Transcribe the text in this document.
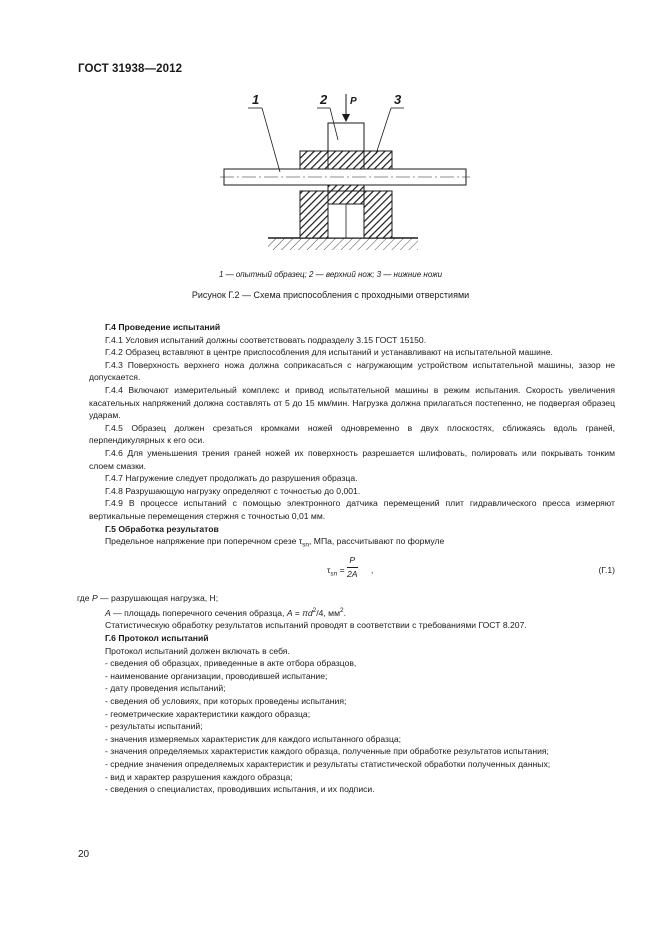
ГОСТ 31938—2012
P
1	2	3
1 — опытный образец; 2 — верхний нож; 3 — нижние ножи
Рисунок Г.2 — Схема приспособления с проходными отверстиями

Г.4 Проведение испытаний

Г.4.1 Условия испытаний должны соответствовать подразделу 3.15 ГОСТ 15150.

Г.4.2 Образец вставляют в центре приспособления для испытаний и устанавливают на испытательной машине.

Г.4.3 Поверхность верхнего ножа должна соприкасаться с нагружающим устройством испытательной машины, зазор не допускается.

Г.4.4 Включают измерительный комплекс и привод испытательной машины в режим испытания. Скорость увеличения касательных напряжений должна составлять от 5 до 15 мм/мин. Нагрузка должна прилагаться постепенно, не подвергая образец ударам.

Г.4.5 Образец должен срезаться кромками ножей одновременно в двух плоскостях, сближаясь вдоль граней, перпендикулярных к его оси.

Г.4.6 Для уменьшения трения граней ножей их поверхность разрешается шлифовать, полировать или покрывать тонким слоем смазки.

Г.4.7 Нагружение следует продолжать до разрушения образца.

Г.4.8 Разрушающую нагрузку определяют с точностью до 0,001.

Г.4.9 В процессе испытаний с помощью электронного датчика перемещений плит гидравлического пресса измеряют вертикальные перемещения стержня с точностью 0,01 мм.

Г.5 Обработка результатов

Предельное напряжение при поперечном срезе $\tau_{sn}$, МПа, рассчитывают по формуле

$\tau_{sn} = \frac{P}{2A}$ ,	(Г.1)

где P — разрушающая нагрузка, Н;

A — площадь поперечного сечения образца, $A = \pi d^2/4$, $мм^2$.

Статистическую обработку результатов испытаний проводят в соответствии с требованиями ГОСТ 8.207.

Г.6 Протокол испытаний

Протокол испытаний должен включать в себя.

- сведения об образцах, приведенные в акте отбора образцов,

- наименование организации, проводившей испытание;

- дату проведения испытаний;

- сведения об условиях, при которых проведены испытания;

- геометрические характеристики каждого образца;

- результаты испытаний;

- значения измеряемых характеристик для каждого испытанного образца;

- значения определяемых характеристик каждого образца, полученные при обработке результатов испытания;

- средние значения определяемых характеристик и результаты статистической обработки полученных данных;

- вид и характер разрушения каждого образца;

- сведения о специалистах, проводивших испытания, и их подписи.

20
